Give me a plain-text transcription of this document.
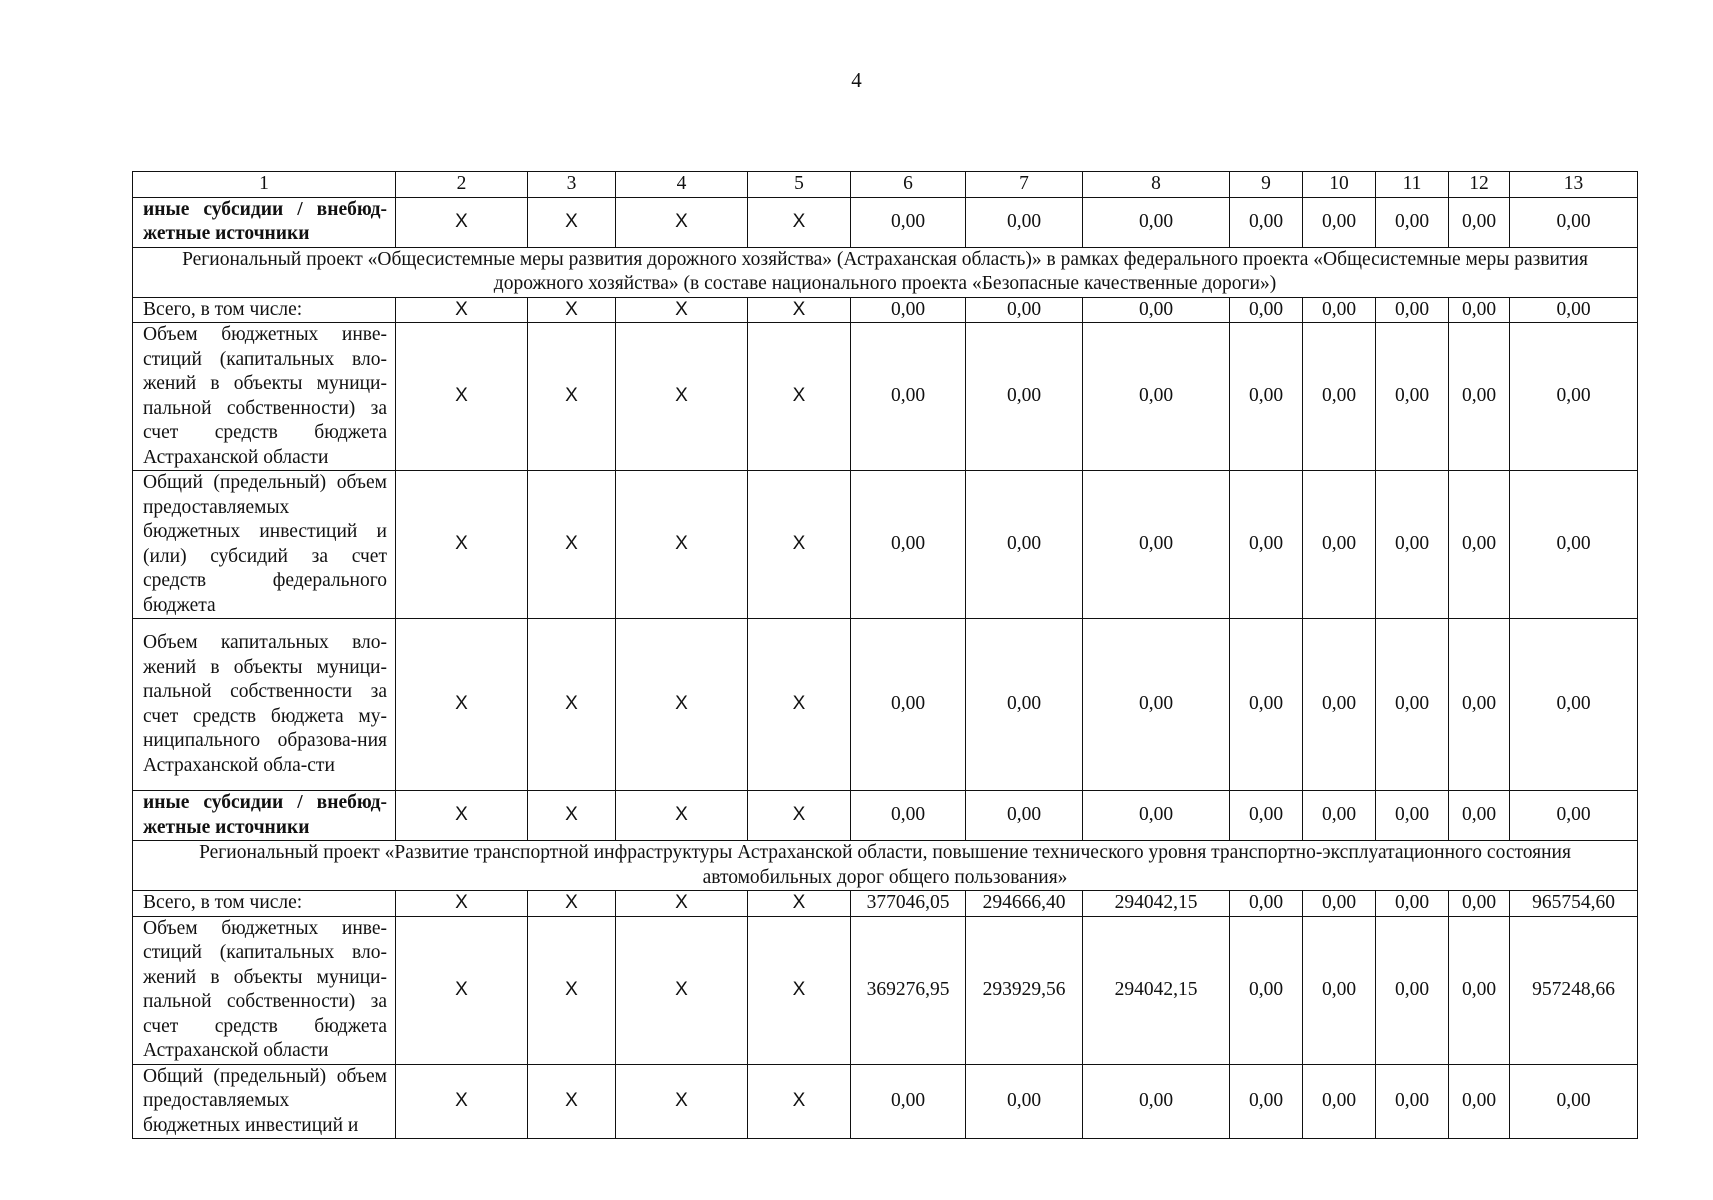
4
1	2	3	4	5	6	7	8	9	10	11	12	13
иные субсидии / внебюд-жетные источники	X	X	X	X	0,00	0,00	0,00	0,00	0,00	0,00	0,00	0,00
Региональный проект «Общесистемные меры развития дорожного хозяйства» (Астраханская область)» в рамках федерального проекта «Общесистемные меры развития дорожного хозяйства» (в составе национального проекта «Безопасные качественные дороги»)												
Всего, в том числе:	X	X	X	X	0,00	0,00	0,00	0,00	0,00	0,00	0,00	0,00
Объем бюджетных инве-стиций (капитальных вло-жений в объекты муници-пальной собственности) за счет средств бюджета Астраханской области	X	X	X	X	0,00	0,00	0,00	0,00	0,00	0,00	0,00	0,00
Общий (предельный) объем предоставляемых бюджетных инвестиций и (или) субсидий за счет средств федерального бюджета	X	X	X	X	0,00	0,00	0,00	0,00	0,00	0,00	0,00	0,00
Объем капитальных вло-жений в объекты муници-пальной собственности за счет средств бюджета му-ниципального образова-ния Астраханской обла-сти	X	X	X	X	0,00	0,00	0,00	0,00	0,00	0,00	0,00	0,00
иные субсидии / внебюд-жетные источники	X	X	X	X	0,00	0,00	0,00	0,00	0,00	0,00	0,00	0,00
Региональный проект «Развитие транспортной инфраструктуры Астраханской области, повышение технического уровня транспортно-эксплуатационного состояния автомобильных дорог общего пользования»												
Всего, в том числе:	X	X	X	X	377046,05	294666,40	294042,15	0,00	0,00	0,00	0,00	965754,60
Объем бюджетных инве-стиций (капитальных вло-жений в объекты муници-пальной собственности) за счет средств бюджета Астраханской области	X	X	X	X	369276,95	293929,56	294042,15	0,00	0,00	0,00	0,00	957248,66
Общий (предельный) объем предоставляемых бюджетных инвестиций и	X	X	X	X	0,00	0,00	0,00	0,00	0,00	0,00	0,00	0,00
